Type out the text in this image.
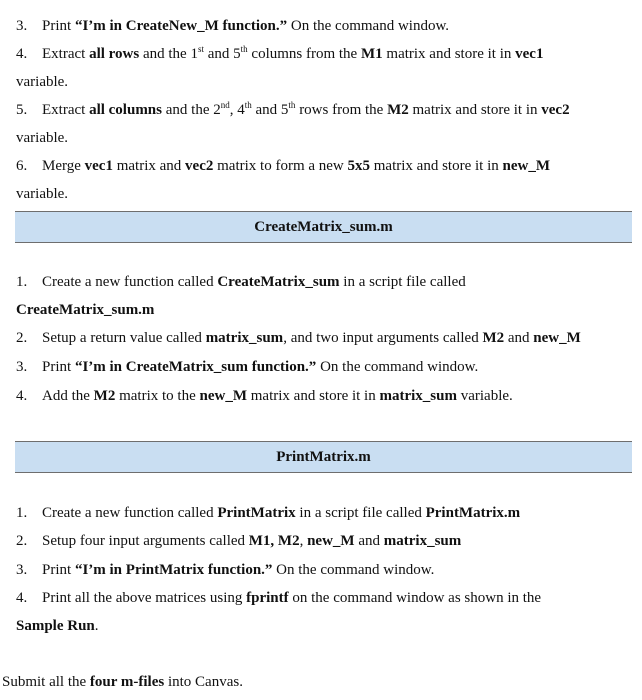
3. Print “I’m in CreateNew_M function.” On the command window.
4. Extract all rows and the 1st and 5th columns from the M1 matrix and store it in vec1
variable.
5. Extract all columns and the 2nd, 4th and 5th rows from the M2 matrix and store it in vec2
variable.
6. Merge vec1 matrix and vec2 matrix to form a new 5x5 matrix and store it in new_M
variable.
CreateMatrix_sum.m
1. Create a new function called CreateMatrix_sum in a script file called
CreateMatrix_sum.m
2. Setup a return value called matrix_sum, and two input arguments called M2 and new_M
3. Print “I’m in CreateMatrix_sum function.” On the command window.
4. Add the M2 matrix to the new_M matrix and store it in matrix_sum variable.
PrintMatrix.m
1. Create a new function called PrintMatrix in a script file called PrintMatrix.m
2. Setup four input arguments called M1, M2, new_M and matrix_sum
3. Print “I’m in PrintMatrix function.” On the command window.
4. Print all the above matrices using fprintf on the command window as shown in the
Sample Run.
Submit all the four m-files into Canvas.
